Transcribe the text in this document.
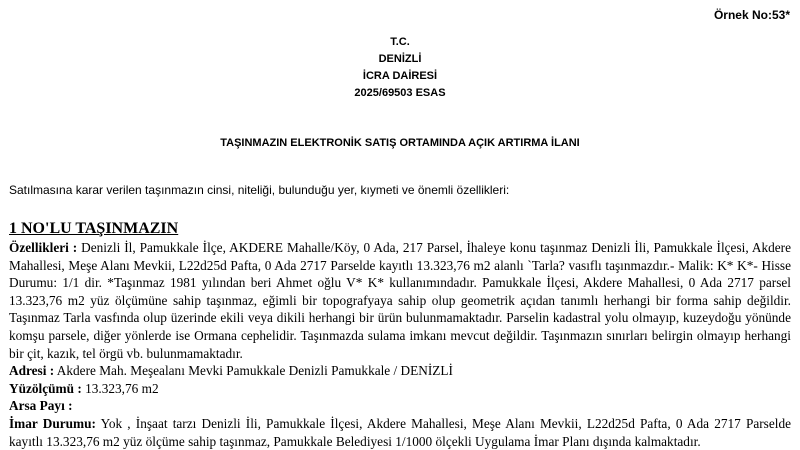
Örnek No:53*
T.C.
DENİZLİ
İCRA DAİRESİ
2025/69503 ESAS
TAŞINMAZIN ELEKTRONİK SATIŞ ORTAMINDA AÇIK ARTIRMA İLANI
Satılmasına karar verilen taşınmazın cinsi, niteliği, bulunduğu yer, kıymeti ve önemli özellikleri:
1 NO'LU TAŞINMAZIN

Özellikleri : Denizli İl, Pamukkale İlçe, AKDERE Mahalle/Köy, 0 Ada, 217 Parsel, İhaleye konu taşınmaz Denizli İli, Pamukkale İlçesi, Akdere Mahallesi, Meşe Alanı Mevkii, L22d25d Pafta, 0 Ada 2717 Parselde kayıtlı 13.323,76 m2 alanlı `Tarla? vasıflı taşınmazdır.- Malik: K* K*- Hisse Durumu: 1/1 dir. *Taşınmaz 1981 yılından beri Ahmet oğlu V* K* kullanımındadır. Pamukkale İlçesi, Akdere Mahallesi, 0 Ada 2717 parsel 13.323,76 m2 yüz ölçümüne sahip taşınmaz, eğimli bir topografyaya sahip olup geometrik açıdan tanımlı herhangi bir forma sahip değildir. Taşınmaz Tarla vasfında olup üzerinde ekili veya dikili herhangi bir ürün bulunmamaktadır. Parselin kadastral yolu olmayıp, kuzeydoğu yönünde komşu parsele, diğer yönlerde ise Ormana cephelidir. Taşınmazda sulama imkanı mevcut değildir. Taşınmazın sınırları belirgin olmayıp herhangi bir çit, kazık, tel örgü vb. bulunmamaktadır.

Adresi : Akdere Mah. Meşealanı Mevki Pamukkale Denizli Pamukkale / DENİZLİ

Yüzölçümü : 13.323,76 m2

Arsa Payı :

İmar Durumu: Yok , İnşaat tarzı Denizli İli, Pamukkale İlçesi, Akdere Mahallesi, Meşe Alanı Mevkii, L22d25d Pafta, 0 Ada 2717 Parselde kayıtlı 13.323,76 m2 yüz ölçüme sahip taşınmaz, Pamukkale Belediyesi 1/1000 ölçekli Uygulama İmar Planı dışında kalmaktadır.
